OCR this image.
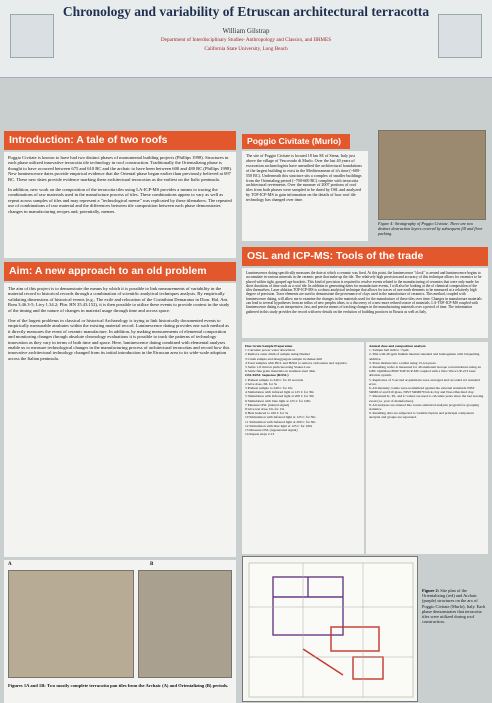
Chronology and variability of Etruscan architectural terracotta
William Gilstrap
Department of Interdisciplinary Studies- Anthropology and Classics, and IIRMES
California State University, Long Beach
Introduction: A tale of two roofs

Poggio Civitate is known to have had two distinct phases of monumental building projects (Phillips 1998). Structures in each phase utilized innovative terracotta tile technology in roof construction. Traditionally the Orientalizing phase is thought to have occurred between 675 and 610 BC and the archaic to have been between 600 and 480 BC (Phillips 1998). New luminescence dates provide empirical evidence that the Oriental phase began earlier than previously believed at 697 BC. These new dates provide evidence marking these architectural terracottas as the earliest on the Italic peninsula.

In addition, new work on the composition of the terracotta tiles using LA-ICP-MS provides a means to tracing the combinations of raw materials used in the manufacture process of tiles. These combinations appear to vary as well as repeat across samples of tiles and may represent a "technological meme" was replicated by these tilemakers. The repeated use of combinations of raw material and the differences between tile composition between each phase demonstrates changes in manufacturing recipes and, potentially, memes.

Aim: A new approach to an old problem

The aim of this project is to demonstrate the means by which it is possible to link measurements of variability in the material record to historical records through a combination of scientific analytical techniques analysis. By empirically validating dimensions of historical events (e.g., The exile and relocation of the Corinthian Demaratus in Dion. Hal. Ant. Rom 3.46.3-5; Livy 1.34.2; Plin. HN 35.43.152), it is then possible to utilize these events to provide context in the study of the timing and the nature of changes in material usage through time and across space.

One of the largest problems in classical or historical Archaeology is trying to link historically documented events to empirically measurable atrubutes within the existing material record. Luminescence dating provides one such method as it directly measures the event of ceramic manufacture. In addition, by making measurements of elemental composition and monitoring changes through absolute chronology evaluations it is possible to track the patterns of technology innovation as they vary in terms of both time and space. Here, luminescence dating combined with elemental analyses enable us to measure technological changes in the manufacturing process of architectural terracottas and record how this innovative architectural technology changed from its initial introduction in the Etruscan area to its wide-scale adoption across the Italian peninsula.

A	B
Figures 1A and 1B: Two mostly complete terracotta pan tiles from the Archaic (A) and Orientalizing (B) periods.
Poggio Civitate (Murlo)
The site of Poggio Civitate is located 18 km SE of Siena, Italy just above the village of Vescovado di Murlo. Over the last 40 years of excavation archaeologists have unearthed the architectural foundations of the largest building to exist in the Mediterranean of it's time (~600-550 BC). Underneath this structure sits a complex of smaller buildings from the Orientaling period (~700-600 BC) complete with terracotta architectural revetments. Over the summer of 2007 portions of roof tiles from both phases were sampled to be dated by OSL and analyzed by TOF-ICP-MS to gain information on the details of how roof tile technology has changed over time.
Figure 4: Stratigraphy of Poggio Civitate. There are two distinct destruction layers covered by subsequent fill and floor packing.
OSL and ICP-MS: Tools of the trade
Luminescence dating specifically measures the date at which a ceramic was fired. At this point, the luminescence "clock" is zeroed and luminescence begins to accumulate in various minerals in the ceramic paste that make up the tile. The relatively high precision and accuracy of this technique allows for ceramics to be placed within tight, gouped age brackets. This kind of precision is required to resolve events related to the manufacturing of ceramics that were only made for short durations of time such as a roof tile. In addition to generating dates for manufacture events, I will also be looking at the of chemical composition of the tiles themselves. Laser ablation TOF-ICP-MS is a robust analytical technique that allows for traces of rare earth elements to be measured at a relatively high degree of precision. Trace elements are used to demonstrate the provenance of clays used in the manufacture of ceramics. This method, coupled with luminescence dating, will allow me to examine the changes in the materials used for the manufacture of these tiles over time. Changes in manufacture materials can lead to several hypotheses from an influx of new peoples ideas, to a discovery of a new more refined source of materials. LA-TOF-ICP-MS coupled with luminescence dating is an inexpensive, fast, and precise means of tracking changes in the manufacturing materials over a period of time. The information gathered in this study provides the record with new details on the evolution of building practices in Etruria as well as Italy.
Fine Grain Sample Preparation
1 Calculate power water absorbtion
2 Remove outer 2mm of sample using Dremel
3 Crush sample and disaggregate sample in shaker mill
4 Treat samples with HCL and H2O2 to remove carbonates and organics.
5 Settle 1-8 micron particles using Stokes Law.
6 Settle fine grain materials on stainless steel disk.
OSL/IRSL Sequence (ROSL)
1 Preheat sample to 240 C for 10 seconds
2 Give dose, DL for 5s
3 Preheat sample to 240 C for 10s
4 Stimulation with infrared light at 125 C for 30s
5 Stimulation with Infrared light at 200 C for 30s
6 Stimulation with blue light at 125 C for 100s
7 Measure OSL (natural signal)
8 Give test dose, Dt, for 15s
9 Heat induced to 160 C for 5s
10 Stimulation with infrared light at 125 C for 30s
11 Stimulation with Infrared light at 200 C for 30s
12 Stimulation with blue light at 125 C for 100s
13 Measure OSL (regenerated signal)
14 Repeat steps 2-13
Annual dose and composition analysis
1. Sample ball mill to ~5µm
2. Mix with 40 ppm Indium internal standard and homogenize with briquetting additive.
3. Press mixture into a tablet using 15-ton press.
4. Resulting wafer is measured for 46 elemental isotope concentrations using an GBC OptiMass 8000 TOF-ICP-MS coupled with a New Wave UP-213 laser ablation system.
5. Replicates of 3 second acquisitions were averaged and recorded w/i standard error.
6. All intensity counts were normalized against the external standards NIST SRM612 and 610 glass, NIST SRM679 brick clay and Non-Ohio Red clay.
7. Measured K, Th, and U values are used to calculate years since the last zeroing event (i.e. year of manufacture).
8. All analyses are entered into Gauss statistical analysis program for grouping statistics.
9. Resulting data are subjected to variable biplots and principal component analysis and groups are separated.
Figure 2: Site plan of the Orientalizing (red) and Archaic (purple) structures on the arx of Poggio Civitate (Murlo), Italy. Each phase demonstrates that terracotta tiles were utilized during roof construction.
